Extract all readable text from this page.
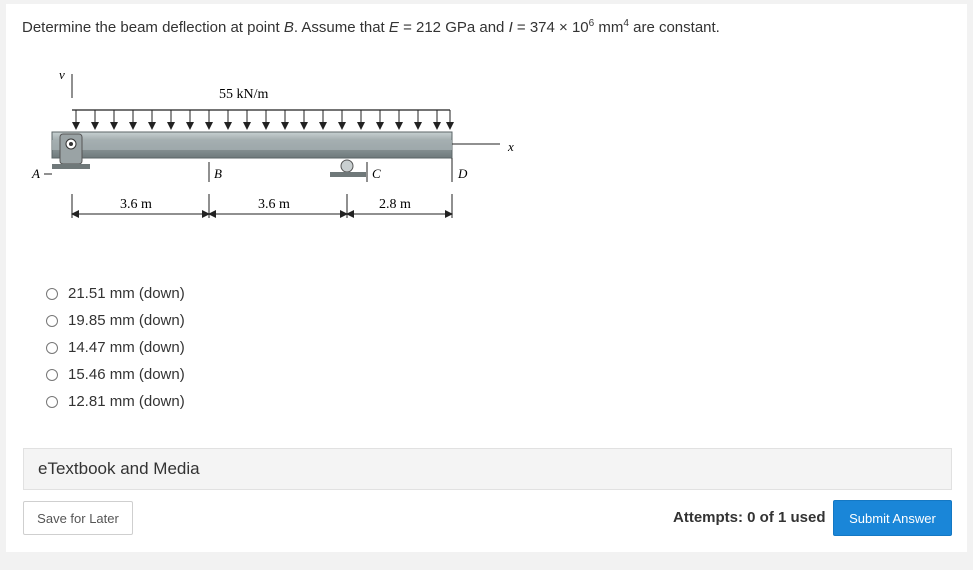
Determine the beam deflection at point B. Assume that E = 212 GPa and $I = 374 \times 10^6$ $mm^4$ are constant.
v
55 kN/m
x
A	B	C	D
3.6 m	3.6 m	2.8 m
21.51 mm (down)
19.85 mm (down)
14.47 mm (down)
15.46 mm (down)
12.81 mm (down)
eTextbook and Media
Save for Later	Attempts: 0 of 1 used	Submit Answer
